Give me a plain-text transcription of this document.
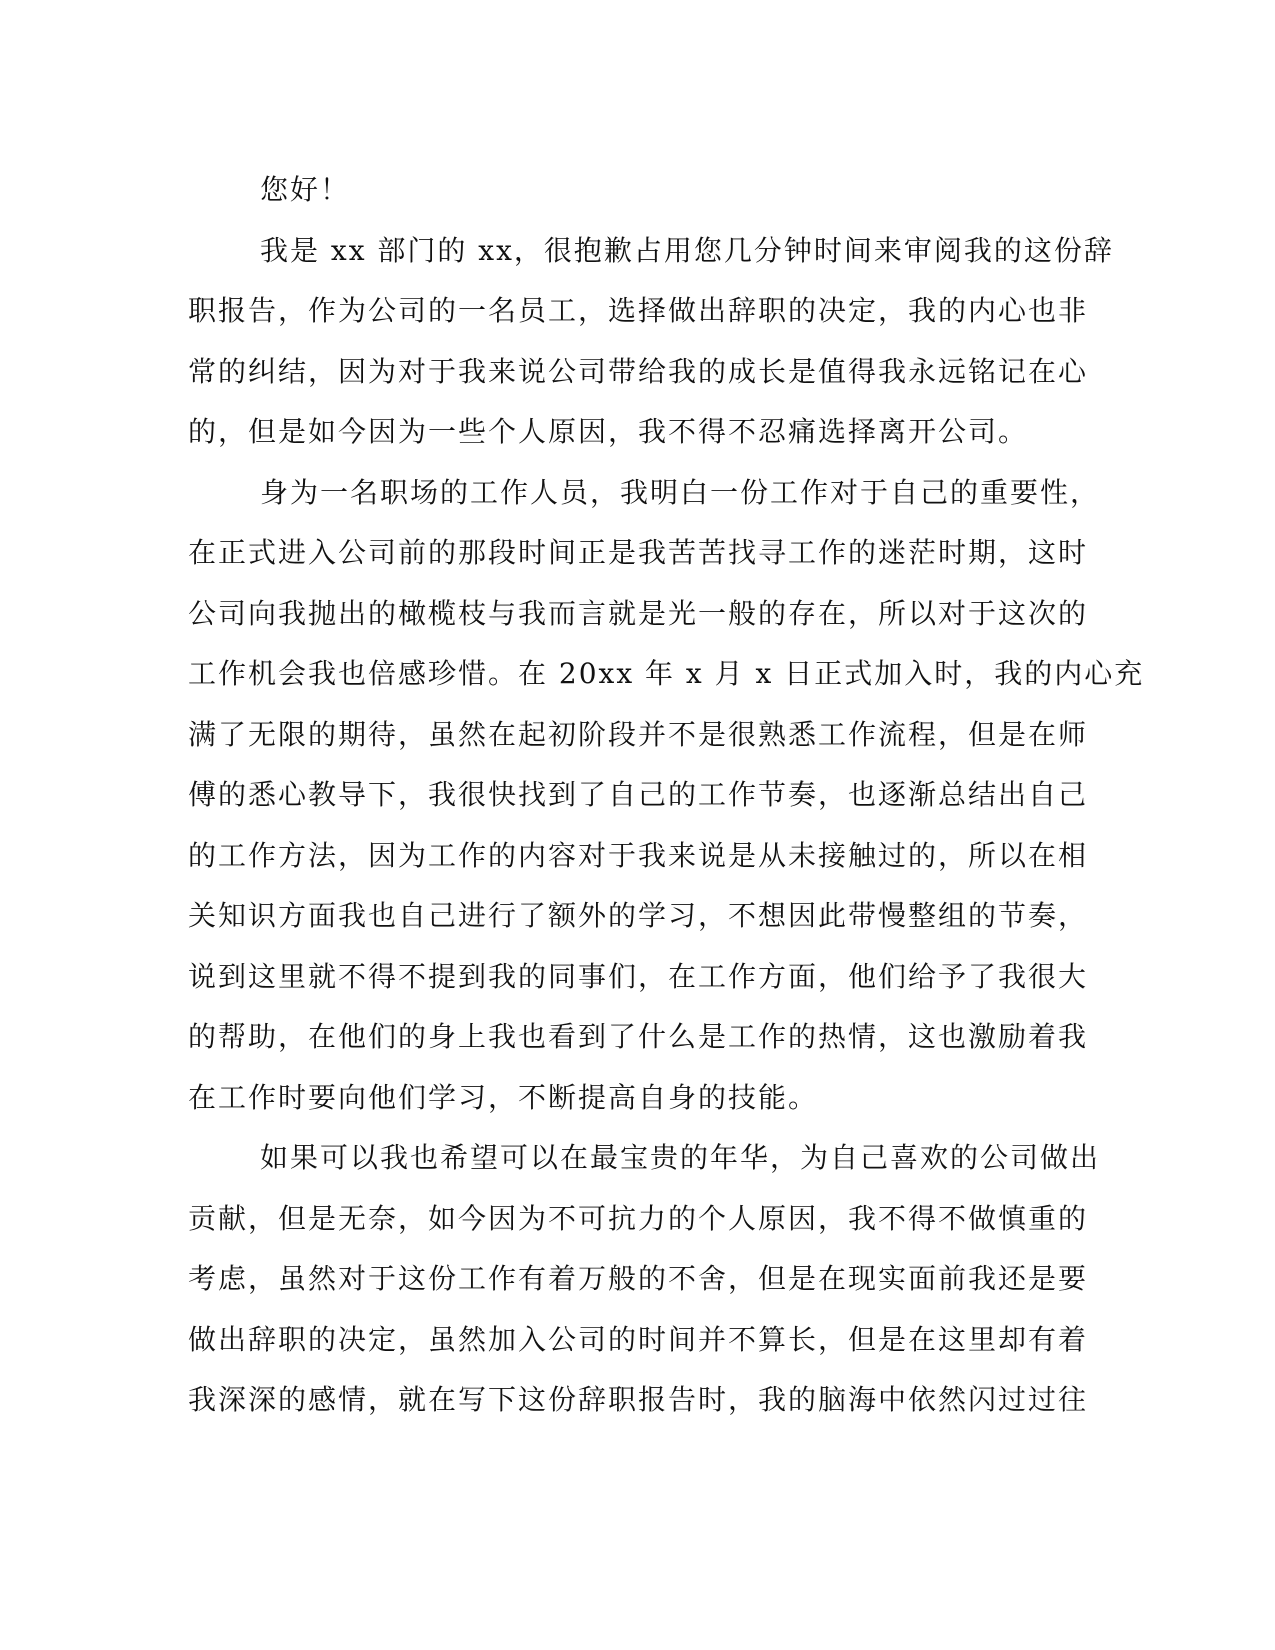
您好！
我是 xx 部门的 xx，很抱歉占用您几分钟时间来审阅我的这份辞
职报告，作为公司的一名员工，选择做出辞职的决定，我的内心也非
常的纠结，因为对于我来说公司带给我的成长是值得我永远铭记在心
的，但是如今因为一些个人原因，我不得不忍痛选择离开公司。
身为一名职场的工作人员，我明白一份工作对于自己的重要性，
在正式进入公司前的那段时间正是我苦苦找寻工作的迷茫时期，这时
公司向我抛出的橄榄枝与我而言就是光一般的存在，所以对于这次的
工作机会我也倍感珍惜。在 20xx 年 x 月 x 日正式加入时，我的内心充
满了无限的期待，虽然在起初阶段并不是很熟悉工作流程，但是在师
傅的悉心教导下，我很快找到了自己的工作节奏，也逐渐总结出自己
的工作方法，因为工作的内容对于我来说是从未接触过的，所以在相
关知识方面我也自己进行了额外的学习，不想因此带慢整组的节奏，
说到这里就不得不提到我的同事们，在工作方面，他们给予了我很大
的帮助，在他们的身上我也看到了什么是工作的热情，这也激励着我
在工作时要向他们学习，不断提高自身的技能。
如果可以我也希望可以在最宝贵的年华，为自己喜欢的公司做出
贡献，但是无奈，如今因为不可抗力的个人原因，我不得不做慎重的
考虑，虽然对于这份工作有着万般的不舍，但是在现实面前我还是要
做出辞职的决定，虽然加入公司的时间并不算长，但是在这里却有着
我深深的感情，就在写下这份辞职报告时，我的脑海中依然闪过过往
